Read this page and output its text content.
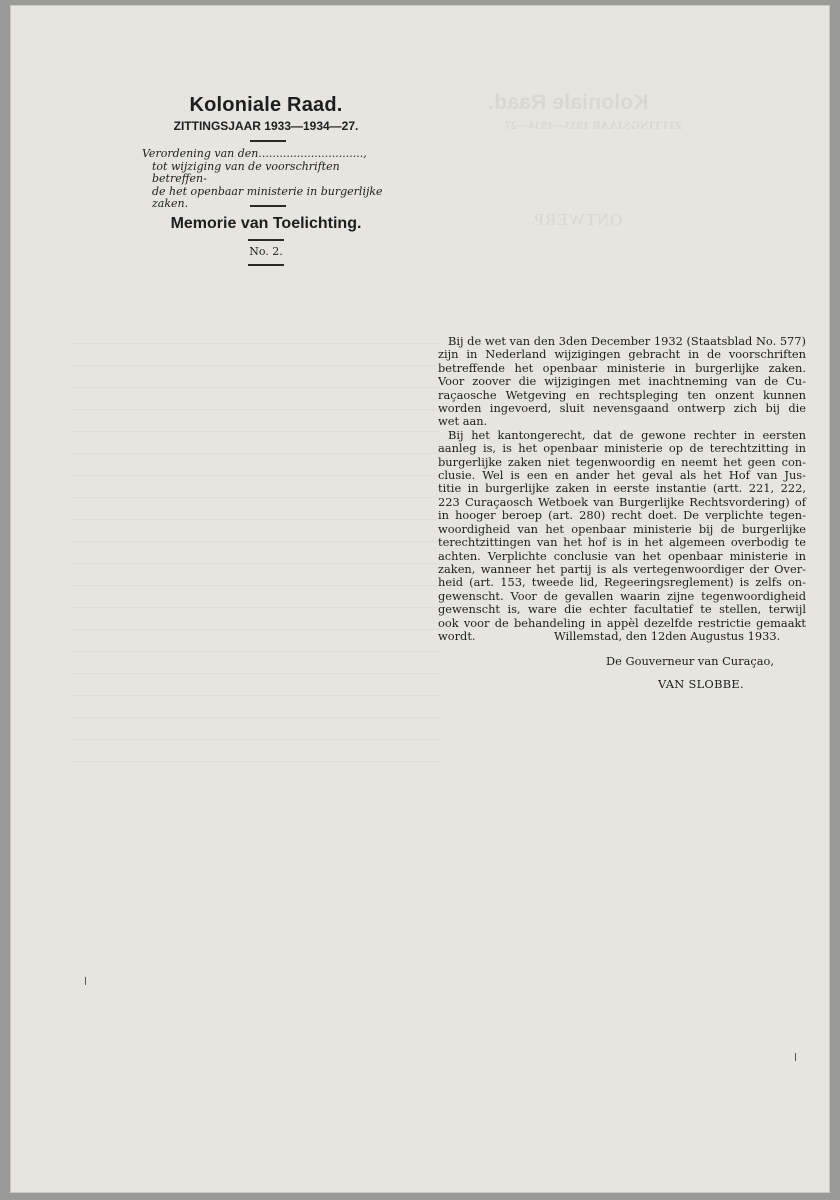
Koloniale Raad.
ZITTINGSJAAR 1933—1934—27.
ONTWERP.
Koloniale Raad.
ZITTINGSJAAR 1933—1934—27.
Verordening van den..............................,
tot wijziging van de voorschriften betreffen-
de het openbaar ministerie in burgerlijke
zaken.
Memorie van Toelichting.
No. 2.
Bij de wet van den 3den December 1932 (Staatsblad No. 577)
zijn in Nederland wijzigingen gebracht in de voorschriften
betreffende het openbaar ministerie in burgerlijke zaken.
Voor zoover die wijzigingen met inachtneming van de Cu-
raçaosche Wetgeving en rechtspleging ten onzent kunnen
worden ingevoerd, sluit nevensgaand ontwerp zich bij die
wet aan.
Bij het kantongerecht, dat de gewone rechter in eersten
aanleg is, is het openbaar ministerie op de terechtzitting in
burgerlijke zaken niet tegenwoordig en neemt het geen con-
clusie. Wel is een en ander het geval als het Hof van Jus-
titie in burgerlijke zaken in eerste instantie (artt. 221, 222,
223 Curaçaosch Wetboek van Burgerlijke Rechtsvordering) of
in hooger beroep (art. 280) recht doet. De verplichte tegen-
woordigheid van het openbaar ministerie bij de burgerlijke
terechtzittingen van het hof is in het algemeen overbodig te
achten. Verplichte conclusie van het openbaar ministerie in
zaken, wanneer het partij is als vertegenwoordiger der Over-
heid (art. 153, tweede lid, Regeeringsreglement) is zelfs on-
gewenscht. Voor de gevallen waarin zijne tegenwoordigheid
gewenscht is, ware die echter facultatief te stellen, terwijl
ook voor de behandeling in appèl dezelfde restrictie gemaakt
wordt.	Willemstad, den 12den Augustus 1933.
De Gouverneur van Curaçao,
VAN SLOBBE.
